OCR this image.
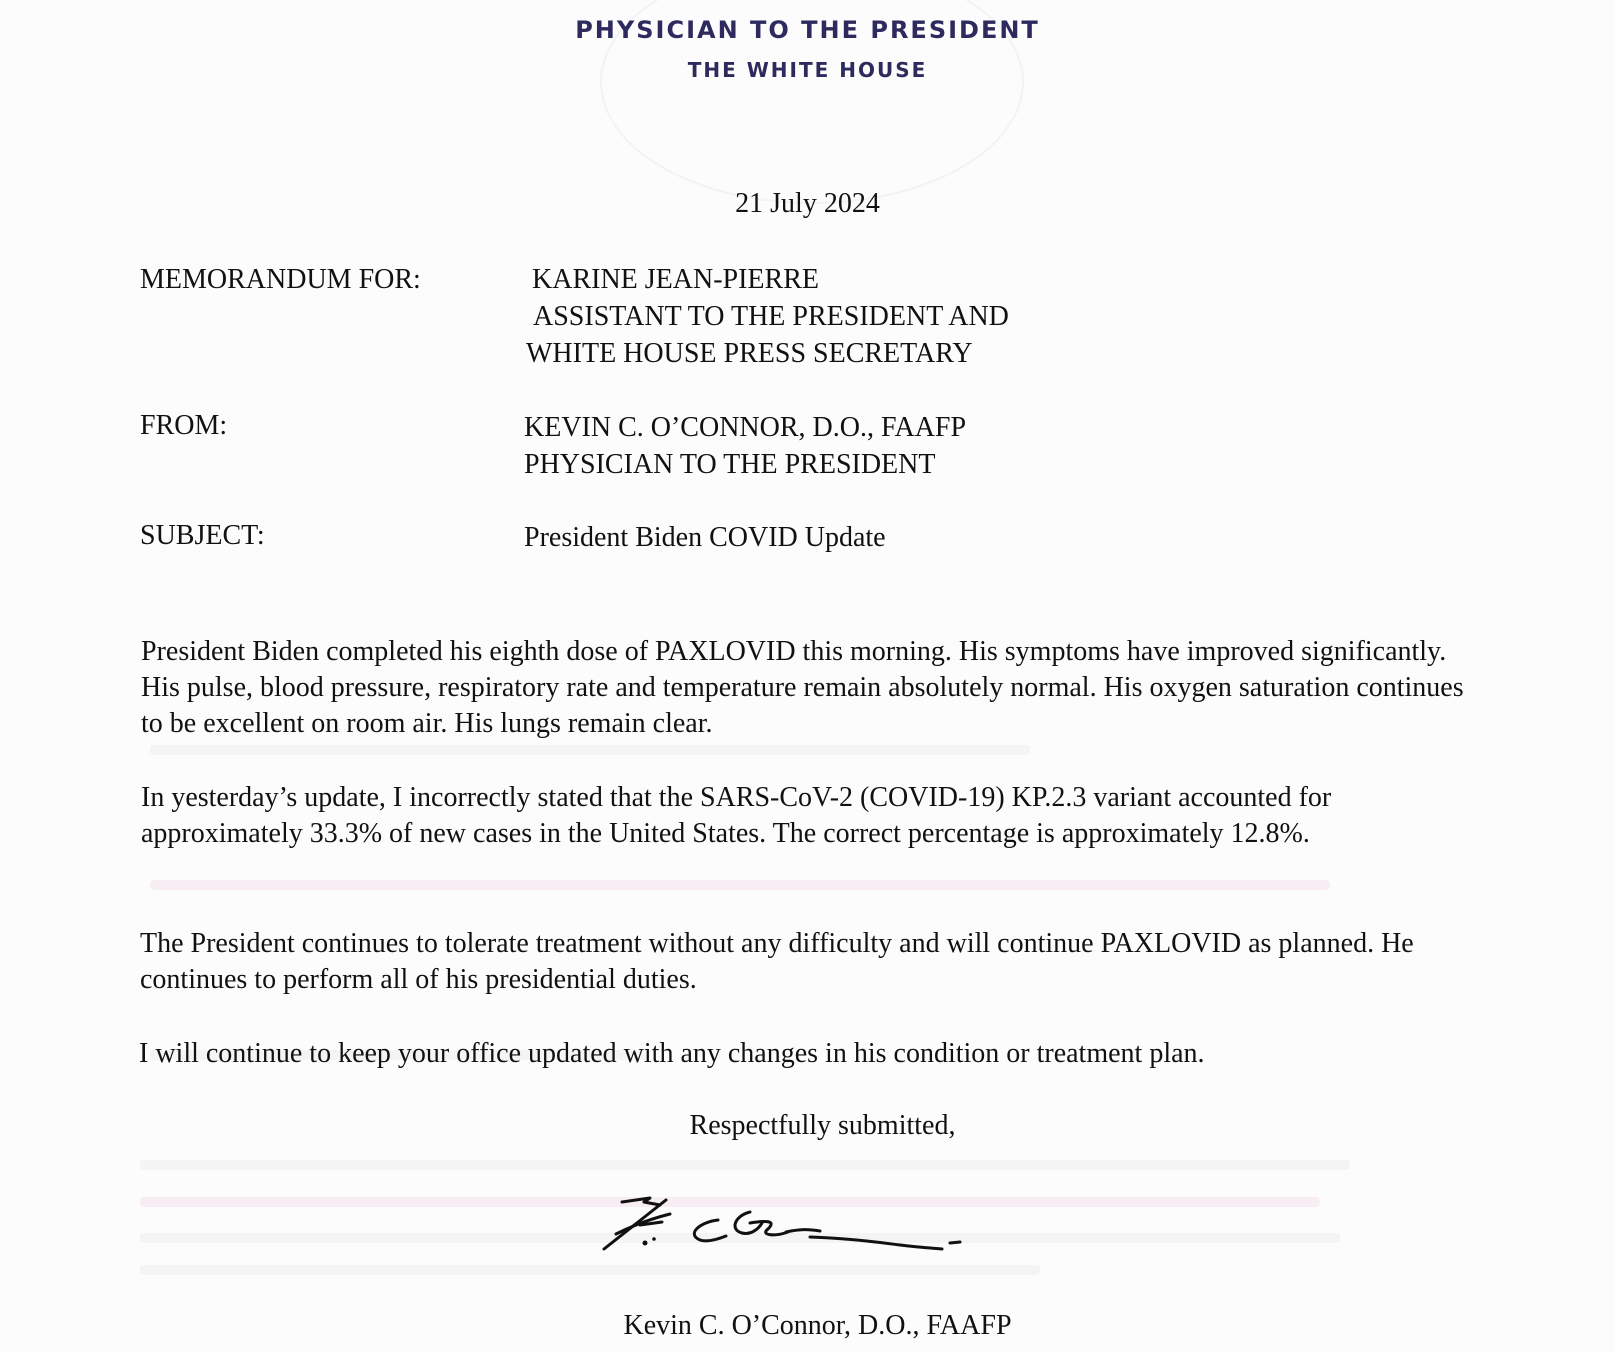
PHYSICIAN TO THE PRESIDENT
THE WHITE HOUSE
21 July 2024
MEMORANDUM FOR:	KARINE JEAN-PIERRE
ASSISTANT TO THE PRESIDENT AND
WHITE HOUSE PRESS SECRETARY
FROM:	KEVIN C. O’CONNOR, D.O., FAAFP
PHYSICIAN TO THE PRESIDENT
SUBJECT:	President Biden COVID Update

President Biden completed his eighth dose of PAXLOVID this morning. His symptoms have improved significantly. His pulse, blood pressure, respiratory rate and temperature remain absolutely normal. His oxygen saturation continues to be excellent on room air. His lungs remain clear.

In yesterday’s update, I incorrectly stated that the SARS-CoV-2 (COVID-19) KP.2.3 variant accounted for approximately 33.3% of new cases in the United States. The correct percentage is approximately 12.8%.

The President continues to tolerate treatment without any difficulty and will continue PAXLOVID as planned. He continues to perform all of his presidential duties.

I will continue to keep your office updated with any changes in his condition or treatment plan.

Respectfully submitted,
Kevin C. O’Connor, D.O., FAAFP
